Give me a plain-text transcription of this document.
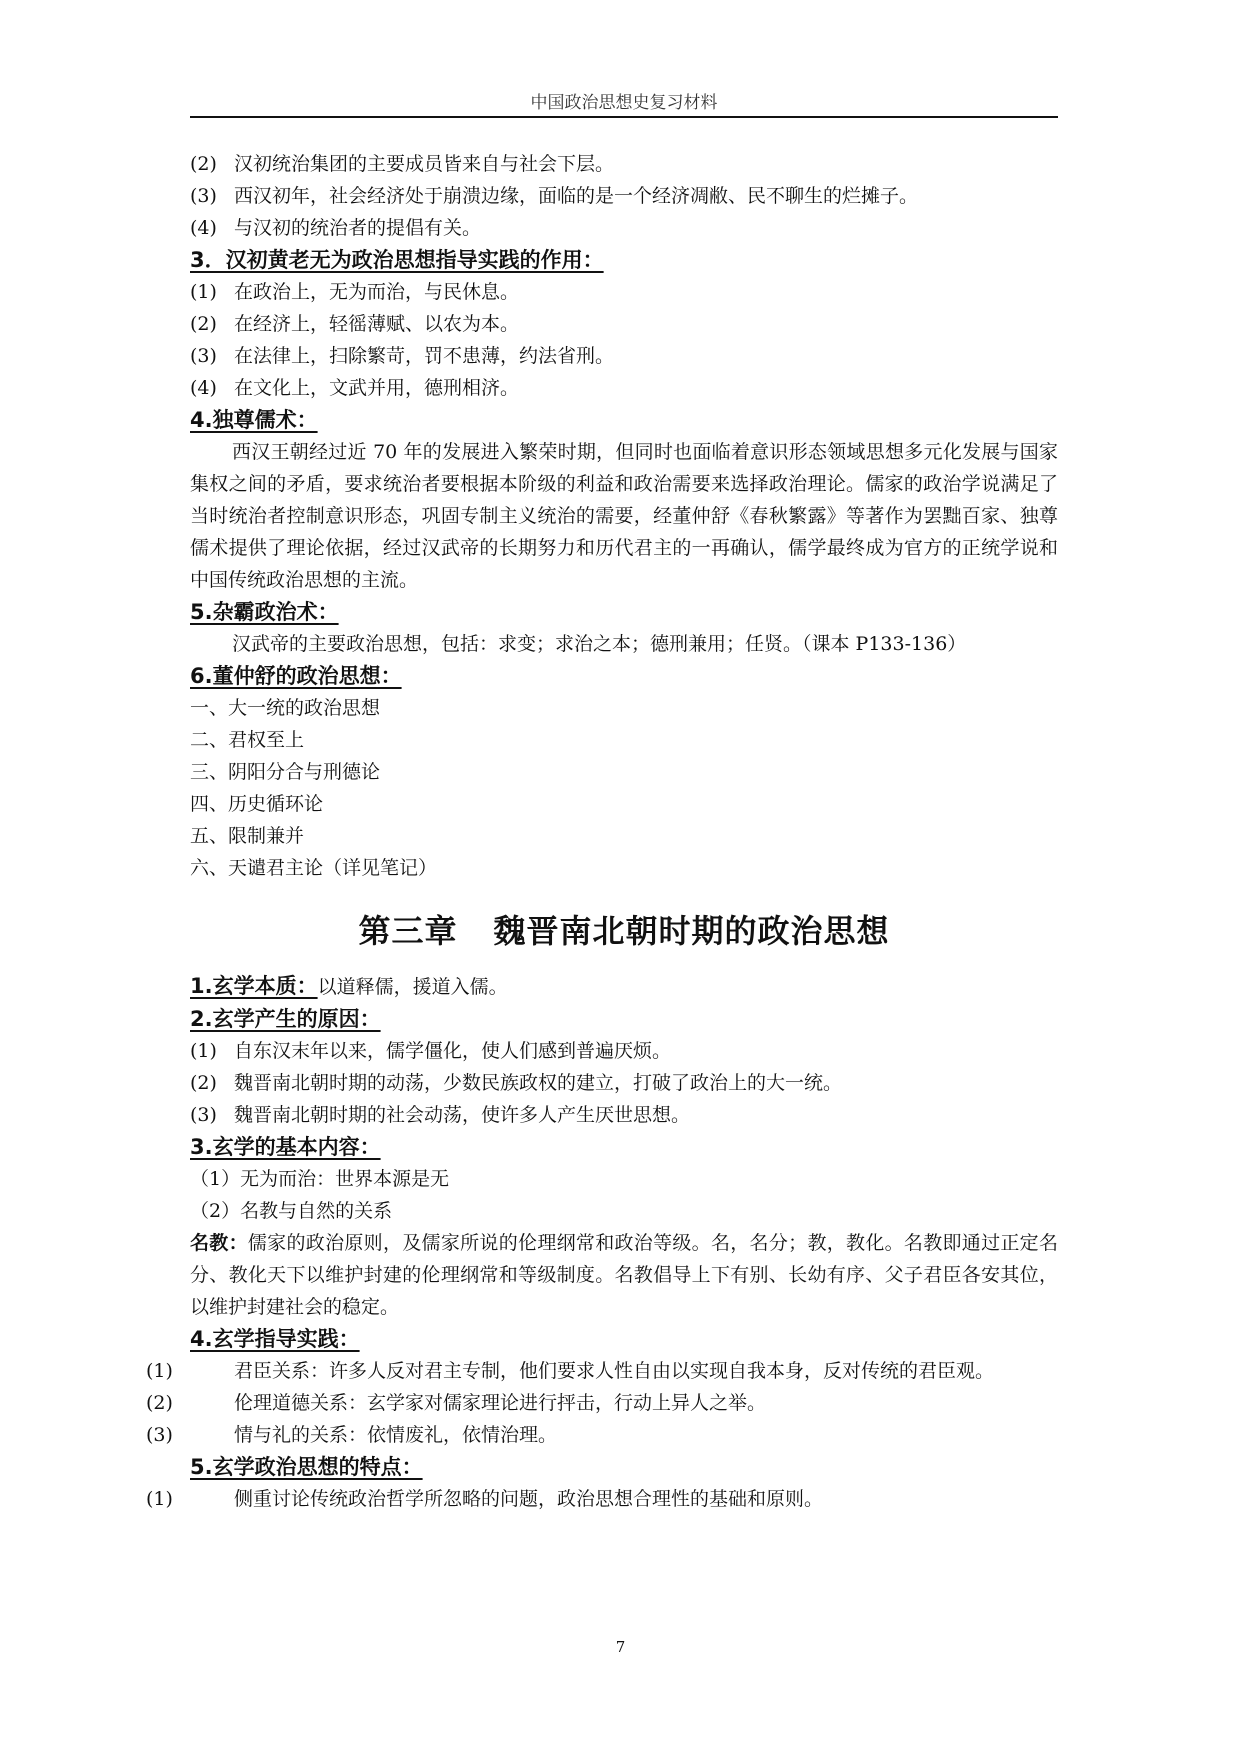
中国政治思想史复习材料
(2) 汉初统治集团的主要成员皆来自与社会下层。
(3) 西汉初年，社会经济处于崩溃边缘，面临的是一个经济凋敝、民不聊生的烂摊子。
(4) 与汉初的统治者的提倡有关。
3．汉初黄老无为政治思想指导实践的作用：
(1) 在政治上，无为而治，与民休息。
(2) 在经济上，轻徭薄赋、以农为本。
(3) 在法律上，扫除繁苛，罚不患薄，约法省刑。
(4) 在文化上，文武并用，德刑相济。
4.独尊儒术：
西汉王朝经过近 70 年的发展进入繁荣时期，但同时也面临着意识形态领域思想多元化发展与国家集权之间的矛盾，要求统治者要根据本阶级的利益和政治需要来选择政治理论。儒家的政治学说满足了当时统治者控制意识形态，巩固专制主义统治的需要，经董仲舒《春秋繁露》等著作为罢黜百家、独尊儒术提供了理论依据，经过汉武帝的长期努力和历代君主的一再确认，儒学最终成为官方的正统学说和中国传统政治思想的主流。
5.杂霸政治术：
汉武帝的主要政治思想，包括：求变；求治之本；德刑兼用；任贤。（课本 P133-136）
6.董仲舒的政治思想：
一、大一统的政治思想
二、君权至上
三、阴阳分合与刑德论
四、历史循环论
五、限制兼并
六、天谴君主论（详见笔记）
第三章 魏晋南北朝时期的政治思想
1.玄学本质：以道释儒，援道入儒。
2.玄学产生的原因：
(1) 自东汉末年以来，儒学僵化，使人们感到普遍厌烦。
(2) 魏晋南北朝时期的动荡，少数民族政权的建立，打破了政治上的大一统。
(3) 魏晋南北朝时期的社会动荡，使许多人产生厌世思想。
3.玄学的基本内容：
（1）无为而治：世界本源是无
（2）名教与自然的关系
名教：儒家的政治原则，及儒家所说的伦理纲常和政治等级。名，名分；教，教化。名教即通过正定名分、教化天下以维护封建的伦理纲常和等级制度。名教倡导上下有别、长幼有序、父子君臣各安其位，以维护封建社会的稳定。
4.玄学指导实践：
(1)	君臣关系：许多人反对君主专制，他们要求人性自由以实现自我本身，反对传统的君臣观。
(2)	伦理道德关系：玄学家对儒家理论进行抨击，行动上异人之举。
(3)	情与礼的关系：依情废礼，依情治理。
5.玄学政治思想的特点：
(1)	侧重讨论传统政治哲学所忽略的问题，政治思想合理性的基础和原则。
7
